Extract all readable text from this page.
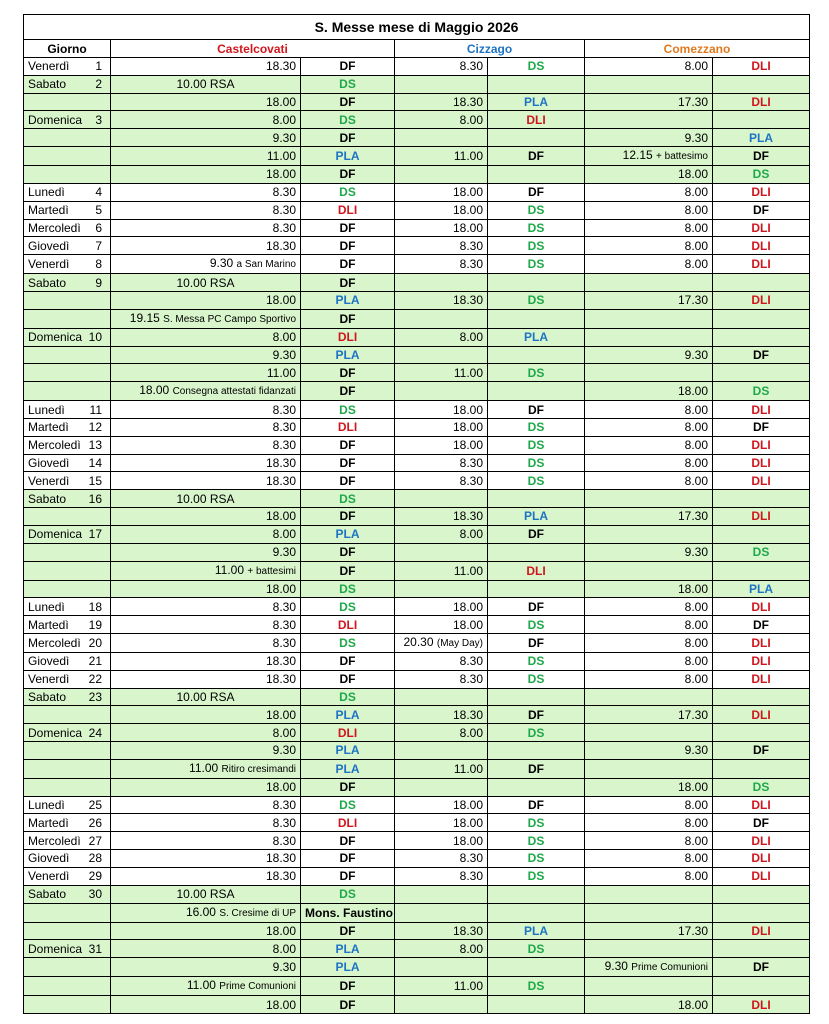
S. Messe mese di Maggio 2026						
Giorno	Castelcovati		Cizzago		Comezzano	

Venerdì 1	18.30	DF	8.30	DS	8.00	DLI

Sabato 2	10.00 RSA	DS				

	18.00	DF	18.30	PLA	17.30	DLI

Domenica 3	8.00	DS	8.00	DLI		

	9.30	DF			9.30	PLA

	11.00	PLA	11.00	DF	12.15 + battesimo	DF

	18.00	DF			18.00	DS

Lunedì 4	8.30	DS	18.00	DF	8.00	DLI

Martedì 5	8.30	DLI	18.00	DS	8.00	DF

Mercoledì 6	8.30	DF	18.00	DS	8.00	DLI

Giovedì 7	18.30	DF	8.30	DS	8.00	DLI

Venerdì 8	9.30 a San Marino	DF	8.30	DS	8.00	DLI

Sabato 9	10.00 RSA	DF				

	18.00	PLA	18.30	DS	17.30	DLI

	19.15 S. Messa PC Campo Sportivo	DF				

Domenica 10	8.00	DLI	8.00	PLA		

	9.30	PLA			9.30	DF

	11.00	DF	11.00	DS		

	18.00 Consegna attestati fidanzati	DF			18.00	DS

Lunedì 11	8.30	DS	18.00	DF	8.00	DLI

Martedì 12	8.30	DLI	18.00	DS	8.00	DF

Mercoledì 13	8.30	DF	18.00	DS	8.00	DLI

Giovedì 14	18.30	DF	8.30	DS	8.00	DLI

Venerdì 15	18.30	DF	8.30	DS	8.00	DLI

Sabato 16	10.00 RSA	DS				

	18.00	DF	18.30	PLA	17.30	DLI

Domenica 17	8.00	PLA	8.00	DF		

	9.30	DF			9.30	DS

	11.00 + battesimi	DF	11.00	DLI		

	18.00	DS			18.00	PLA

Lunedì 18	8.30	DS	18.00	DF	8.00	DLI

Martedì 19	8.30	DLI	18.00	DS	8.00	DF

Mercoledì 20	8.30	DS	20.30 (May Day)	DF	8.00	DLI

Giovedì 21	18.30	DF	8.30	DS	8.00	DLI

Venerdì 22	18.30	DF	8.30	DS	8.00	DLI

Sabato 23	10.00 RSA	DS				

	18.00	PLA	18.30	DF	17.30	DLI

Domenica 24	8.00	DLI	8.00	DS		

	9.30	PLA			9.30	DF

	11.00 Ritiro cresimandi	PLA	11.00	DF		

	18.00	DF			18.00	DS

Lunedì 25	8.30	DS	18.00	DF	8.00	DLI

Martedì 26	8.30	DLI	18.00	DS	8.00	DF

Mercoledì 27	8.30	DF	18.00	DS	8.00	DLI

Giovedì 28	18.30	DF	8.30	DS	8.00	DLI

Venerdì 29	18.30	DF	8.30	DS	8.00	DLI

Sabato 30	10.00 RSA	DS				

	16.00 S. Cresime di UP	Mons. Faustino				

	18.00	DF	18.30	PLA	17.30	DLI

Domenica 31	8.00	PLA	8.00	DS		

	9.30	PLA			9.30 Prime Comunioni	DF

	11.00 Prime Comunioni	DF	11.00	DS		

	18.00	DF			18.00	DLI
